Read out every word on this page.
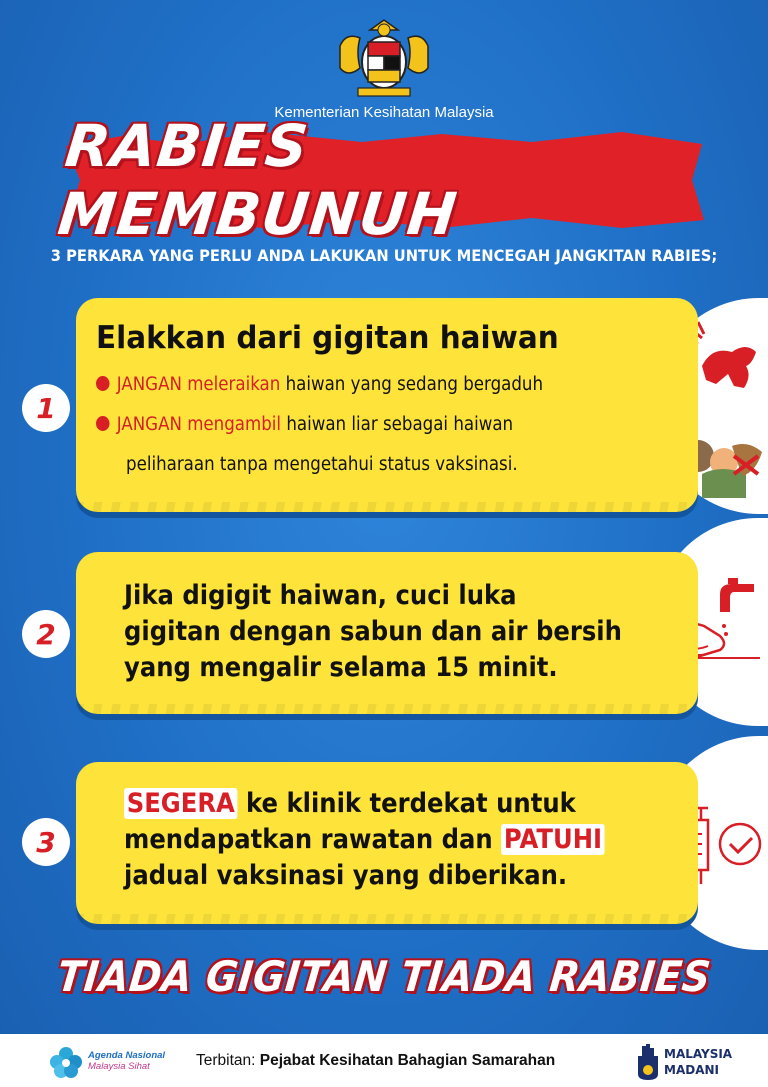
Kementerian Kesihatan Malaysia
RABIES MEMBUNUH
3 PERKARA YANG PERLU ANDA LAKUKAN UNTUK MENCEGAH JANGKITAN RABIES;
Elakkan dari gigitan haiwan
JANGAN meleraikan haiwan yang sedang bergaduh
JANGAN mengambil haiwan liar sebagai haiwan
peliharaan tanpa mengetahui status vaksinasi.
Jika digigit haiwan, cuci luka
gigitan dengan sabun dan air bersih
yang mengalir selama 15 minit.
SEGERA ke klinik terdekat untuk
mendapatkan rawatan dan PATUHI
jadual vaksinasi yang diberikan.
1
2
3
TIADA GIGITAN TIADA RABIES
Agenda Nasional
Malaysia Sihat	Terbitan: Pejabat Kesihatan Bahagian Samarahan	MALAYSIA
MADANI
